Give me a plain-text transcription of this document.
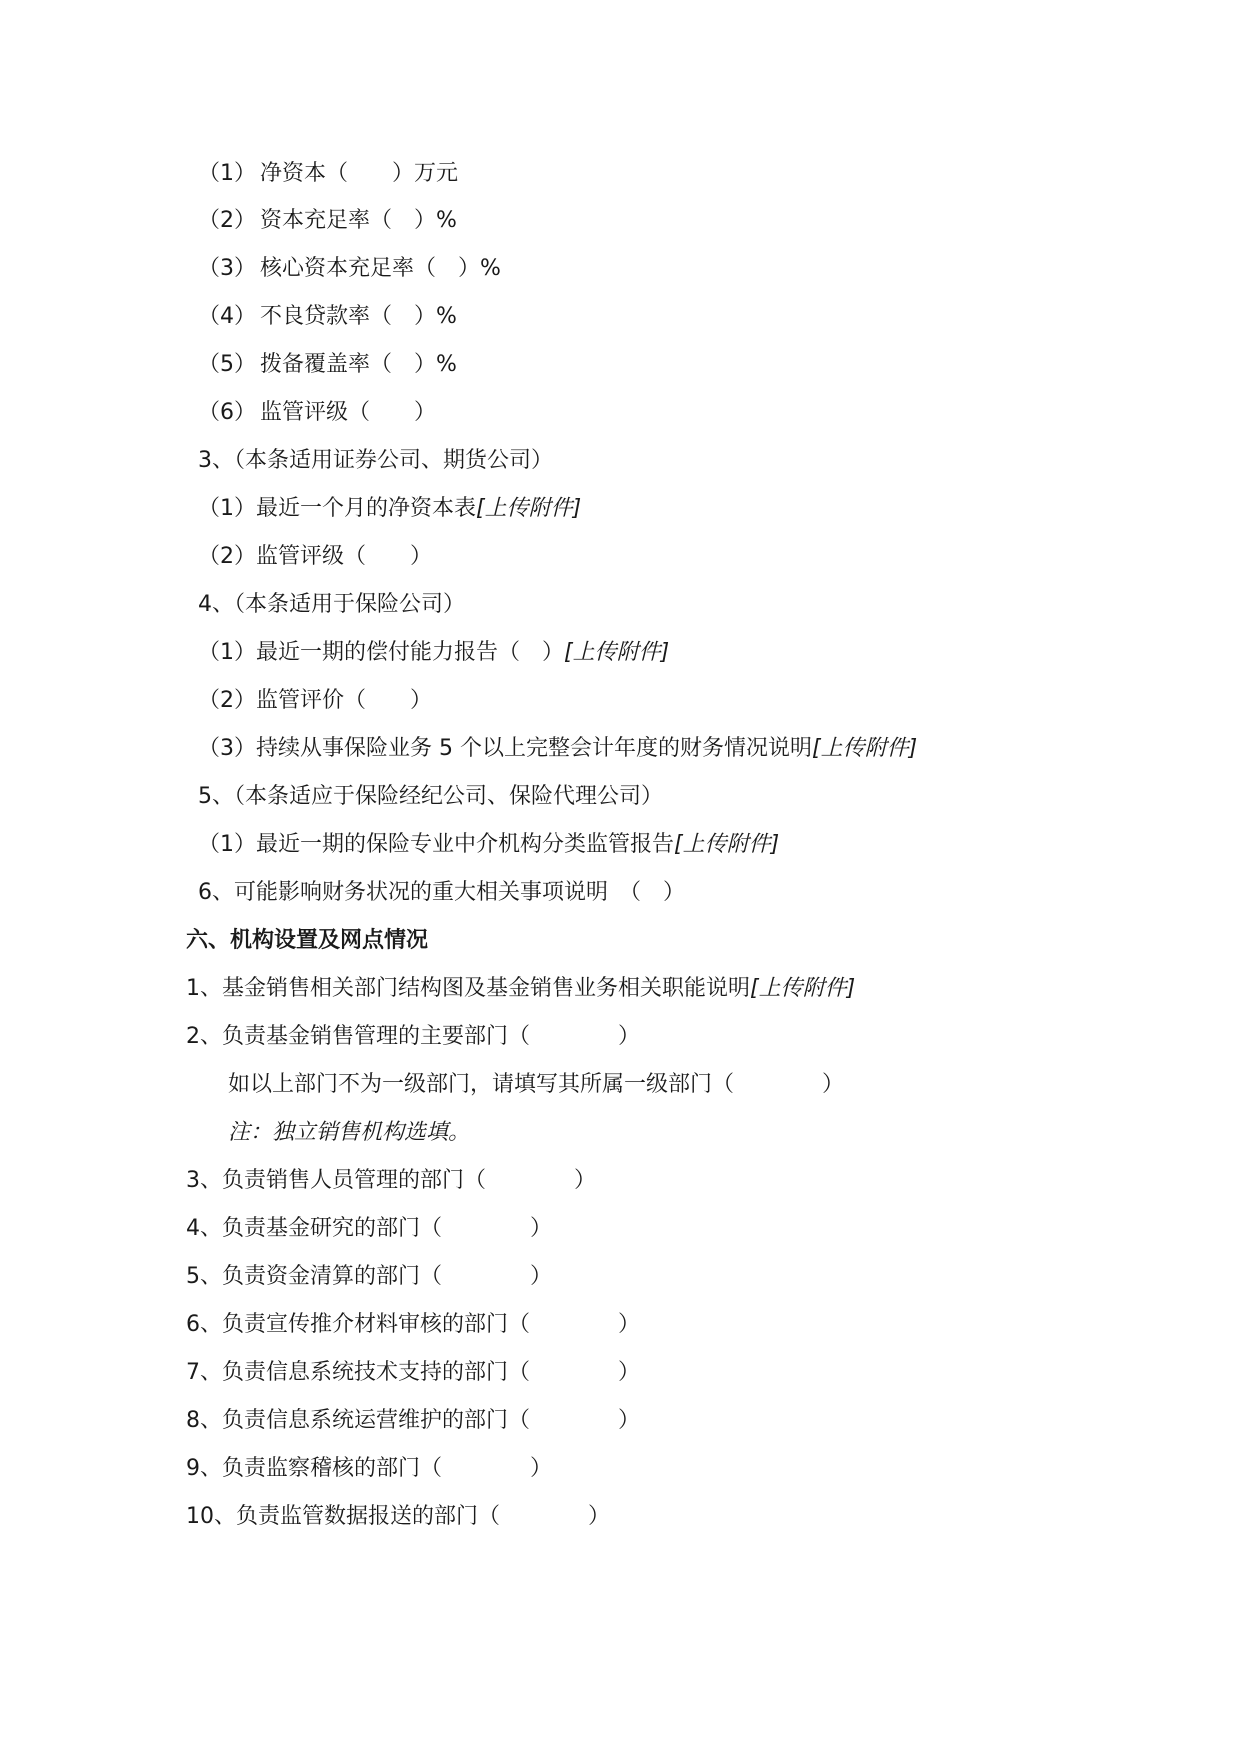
（1） 净资本（　　）万元
（2） 资本充足率（　）%
（3） 核心资本充足率（　）%
（4） 不良贷款率（　）%
（5） 拨备覆盖率（　）%
（6） 监管评级（　　）
3、（本条适用证券公司、期货公司）
（1）最近一个月的净资本表[上传附件]
（2）监管评级（　　）
4、（本条适用于保险公司）
（1）最近一期的偿付能力报告（　）[上传附件]
（2）监管评价（　　）
（3）持续从事保险业务 5 个以上完整会计年度的财务情况说明[上传附件]
5、（本条适应于保险经纪公司、保险代理公司）
（1）最近一期的保险专业中介机构分类监管报告[上传附件]
6、可能影响财务状况的重大相关事项说明　（　）
六、机构设置及网点情况
1、基金销售相关部门结构图及基金销售业务相关职能说明[上传附件]
2、负责基金销售管理的主要部门（　　　　）
如以上部门不为一级部门，请填写其所属一级部门（　　　　）
注：独立销售机构选填。
3、负责销售人员管理的部门（　　　　）
4、负责基金研究的部门（　　　　）
5、负责资金清算的部门（　　　　）
6、负责宣传推介材料审核的部门（　　　　）
7、负责信息系统技术支持的部门（　　　　）
8、负责信息系统运营维护的部门（　　　　）
9、负责监察稽核的部门（　　　　）
10、负责监管数据报送的部门（　　　　）
